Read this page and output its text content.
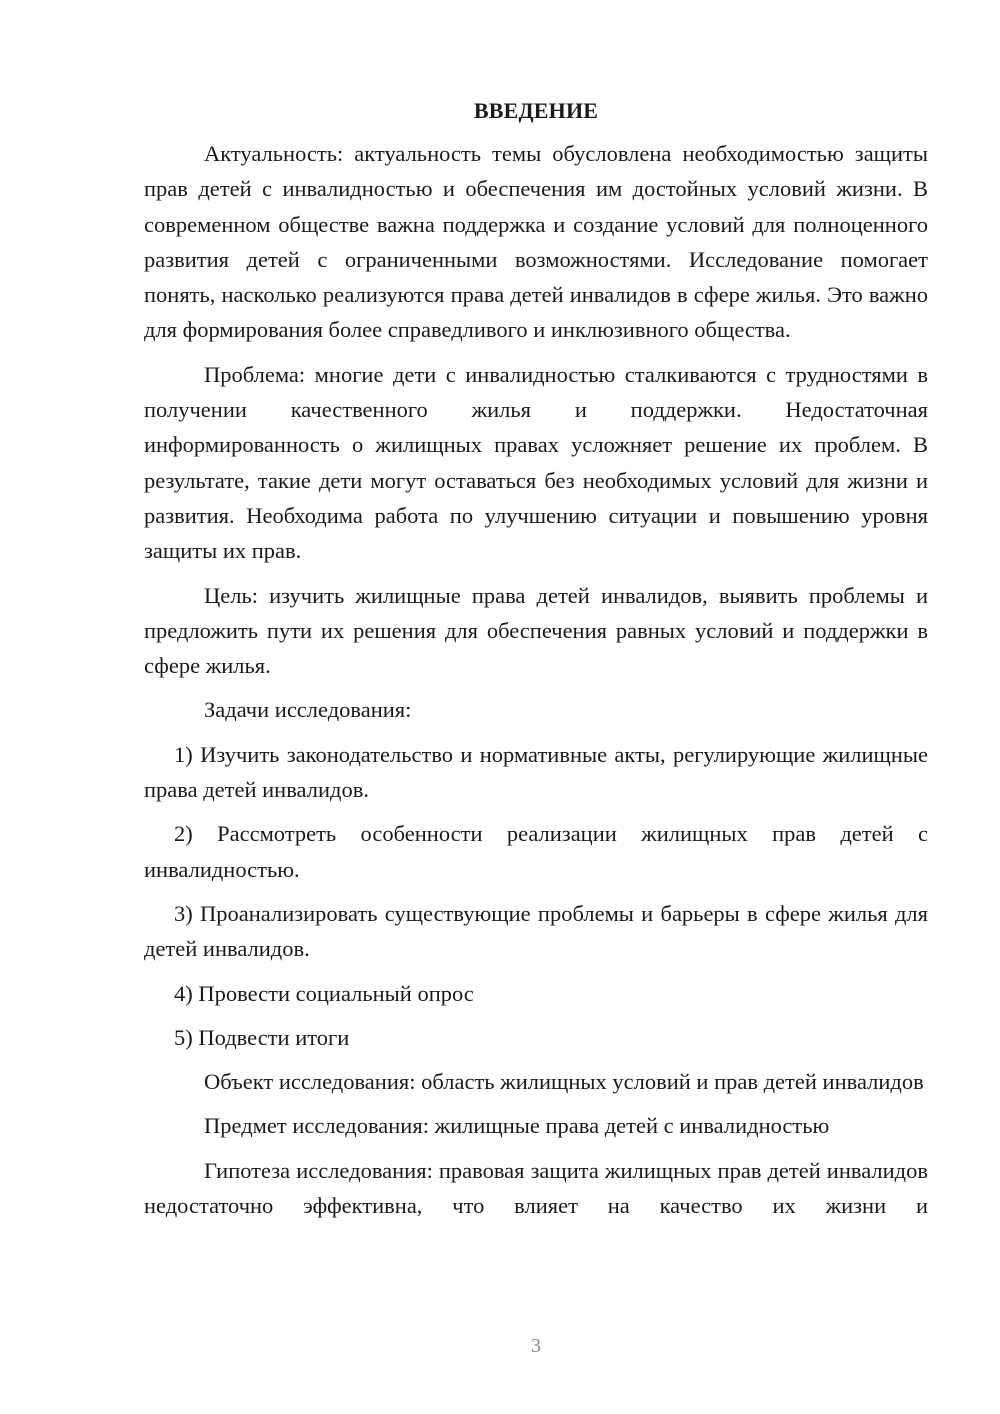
ВВЕДЕНИЕ

Актуальность: актуальность темы обусловлена необходимостью защиты прав детей с инвалидностью и обеспечения им достойных условий жизни. В современном обществе важна поддержка и создание условий для полноценного развития детей с ограниченными возможностями. Исследование помогает понять, насколько реализуются права детей инвалидов в сфере жилья. Это важно для формирования более справедливого и инклюзивного общества.

Проблема: многие дети с инвалидностью сталкиваются с трудностями в получении качественного жилья и поддержки. Недостаточная информированность о жилищных правах усложняет решение их проблем. В результате, такие дети могут оставаться без необходимых условий для жизни и развития. Необходима работа по улучшению ситуации и повышению уровня защиты их прав.

Цель: изучить жилищные права детей инвалидов, выявить проблемы и предложить пути их решения для обеспечения равных условий и поддержки в сфере жилья.

Задачи исследования:

1) Изучить законодательство и нормативные акты, регулирующие жилищные права детей инвалидов.

2) Рассмотреть особенности реализации жилищных прав детей с инвалидностью.

3) Проанализировать существующие проблемы и барьеры в сфере жилья для детей инвалидов.

4) Провести социальный опрос

5) Подвести итоги

Объект исследования: область жилищных условий и прав детей инвалидов

Предмет исследования: жилищные права детей с инвалидностью

Гипотеза исследования: правовая защита жилищных прав детей инвалидов недостаточно эффективна, что влияет на качество их жизни и

3
